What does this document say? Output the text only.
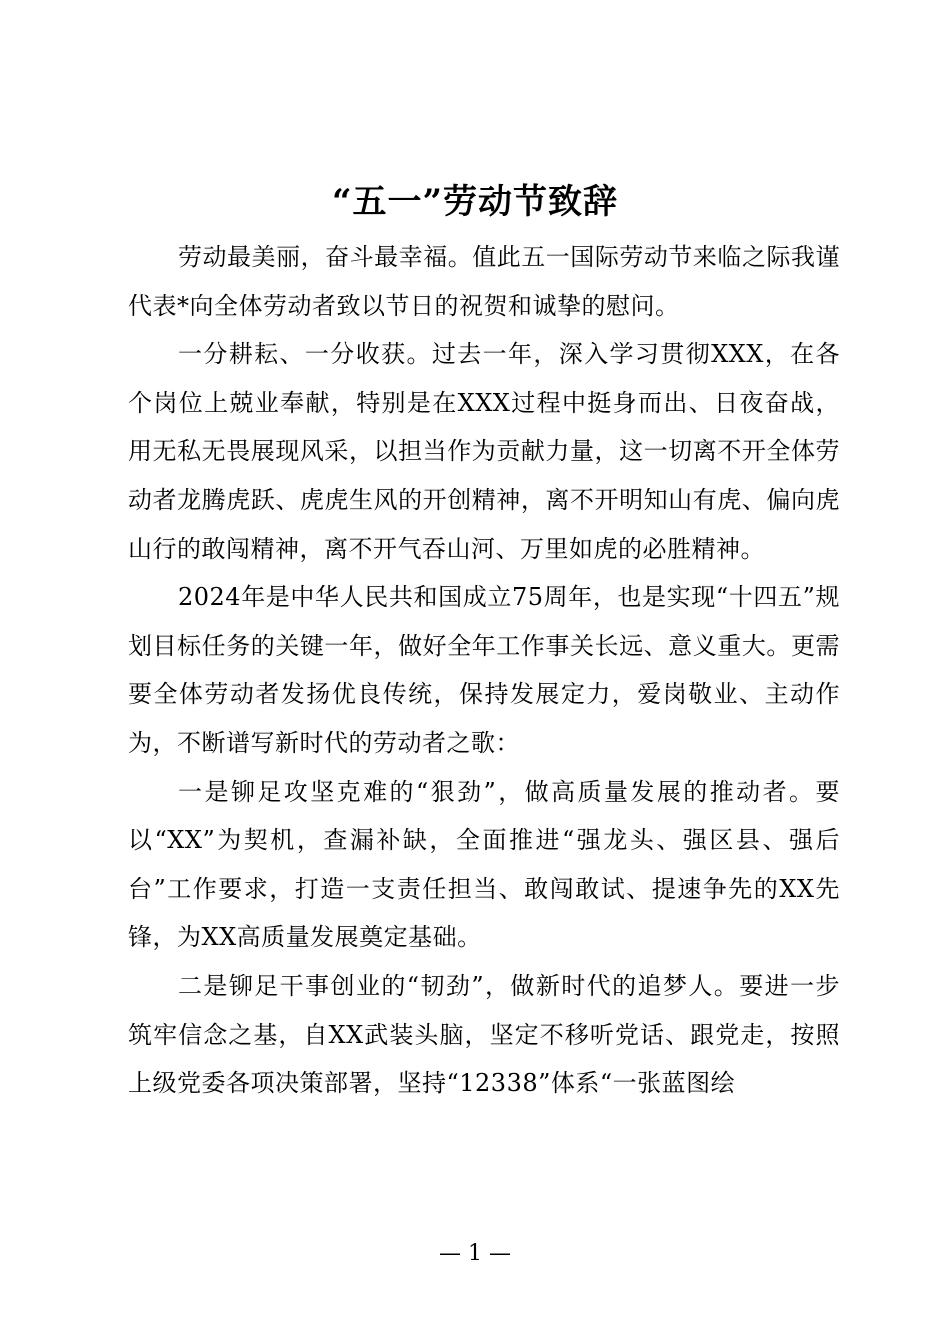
“五一”劳动节致辞

劳动最美丽，奋斗最幸福。值此五一国际劳动节来临之际我谨代表*向全体劳动者致以节日的祝贺和诚挚的慰问。

一分耕耘、一分收获。过去一年，深入学习贯彻XXX，在各个岗位上兢业奉献，特别是在XXX过程中挺身而出、日夜奋战，用无私无畏展现风采，以担当作为贡献力量，这一切离不开全体劳动者龙腾虎跃、虎虎生风的开创精神，离不开明知山有虎、偏向虎山行的敢闯精神，离不开气吞山河、万里如虎的必胜精神。

2024年是中华人民共和国成立75周年，也是实现“十四五”规划目标任务的关键一年，做好全年工作事关长远、意义重大。更需要全体劳动者发扬优良传统，保持发展定力，爱岗敬业、主动作为，不断谱写新时代的劳动者之歌：

一是铆足攻坚克难的“狠劲”，做高质量发展的推动者。要以“XX”为契机，查漏补缺，全面推进“强龙头、强区县、强后台”工作要求，打造一支责任担当、敢闯敢试、提速争先的XX先锋，为XX高质量发展奠定基础。

二是铆足干事创业的“韧劲”，做新时代的追梦人。要进一步筑牢信念之基，自XX武装头脑，坚定不移听党话、跟党走，按照上级党委各项决策部署，坚持“12338”体系“一张蓝图绘

— 1 —
